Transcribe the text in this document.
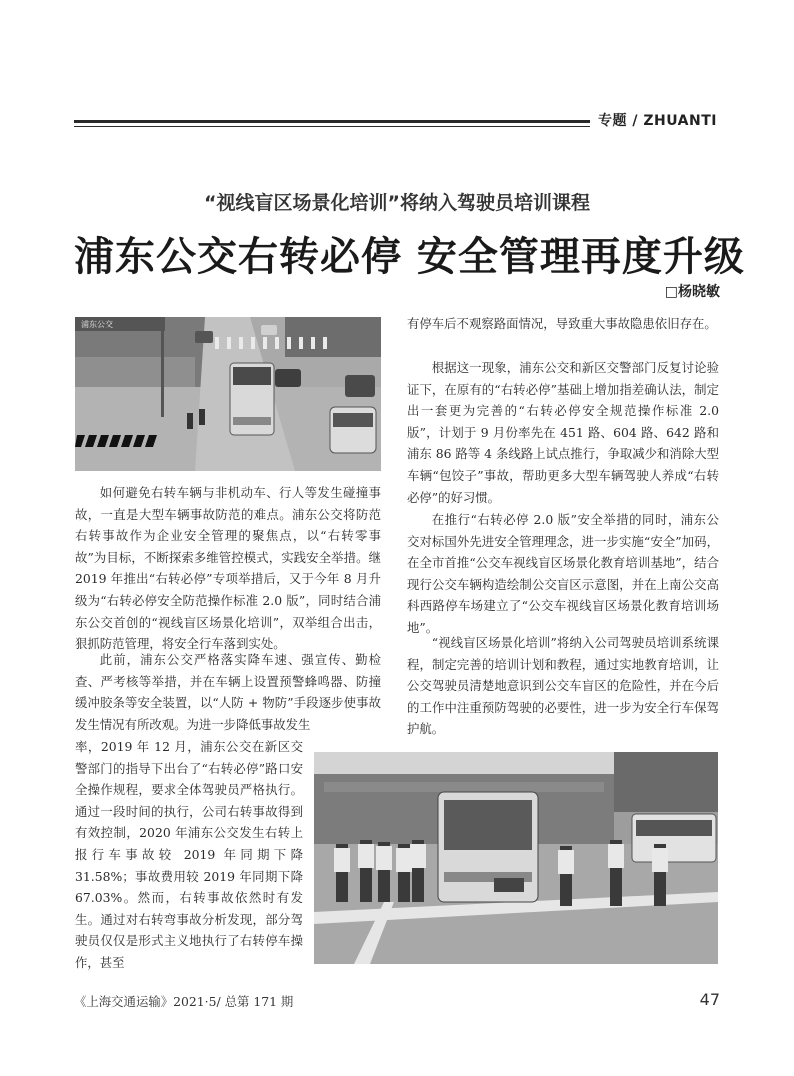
专题 / ZHUANTI
“视线盲区场景化培训”将纳入驾驶员培训课程
浦东公交右转必停 安全管理再度升级
□杨晓敏
浦东公交

如何避免右转车辆与非机动车、行人等发生碰撞事故，一直是大型车辆事故防范的难点。浦东公交将防范右转事故作为企业安全管理的聚焦点，以“右转零事故”为目标，不断探索多维管控模式，实践安全举措。继 2019 年推出“右转必停”专项举措后，又于今年 8 月升级为“右转必停安全防范操作标准 2.0 版”，同时结合浦东公交首创的“视线盲区场景化培训”，双举组合出击，狠抓防范管理，将安全行车落到实处。

此前，浦东公交严格落实降车速、强宣传、勤检查、严考核等举措，并在车辆上设置预警蜂鸣器、防撞缓冲胶条等安全装置，以“人防 + 物防”手段逐步使事故发生情况有所改观。为进一步降低事故发生

率，2019 年 12 月，浦东公交在新区交警部门的指导下出台了“右转必停”路口安全操作规程，要求全体驾驶员严格执行。通过一段时间的执行，公司右转事故得到有效控制，2020 年浦东公交发生右转上报行车事故较 2019 年同期下降 31.58%；事故费用较 2019 年同期下降 67.03%。然而，右转事故依然时有发生。通过对右转弯事故分析发现，部分驾驶员仅仅是形式主义地执行了右转停车操作，甚至

有停车后不观察路面情况，导致重大事故隐患依旧存在。

根据这一现象，浦东公交和新区交警部门反复讨论验证下，在原有的“右转必停”基础上增加指差确认法，制定出一套更为完善的“右转必停安全规范操作标准 2.0 版”，计划于 9 月份率先在 451 路、604 路、642 路和浦东 86 路等 4 条线路上试点推行，争取减少和消除大型车辆“包饺子”事故，帮助更多大型车辆驾驶人养成“右转必停”的好习惯。

在推行“右转必停 2.0 版”安全举措的同时，浦东公交对标国外先进安全管理理念，进一步实施“安全”加码，在全市首推“公交车视线盲区场景化教育培训基地”，结合现行公交车辆构造绘制公交盲区示意图，并在上南公交高科西路停车场建立了“公交车视线盲区场景化教育培训场地”。

“视线盲区场景化培训”将纳入公司驾驶员培训系统课程，制定完善的培训计划和教程，通过实地教育培训，让公交驾驶员清楚地意识到公交车盲区的危险性，并在今后的工作中注重预防驾驶的必要性，进一步为安全行车保驾护航。

《上海交通运输》2021·5/ 总第 171 期	47
